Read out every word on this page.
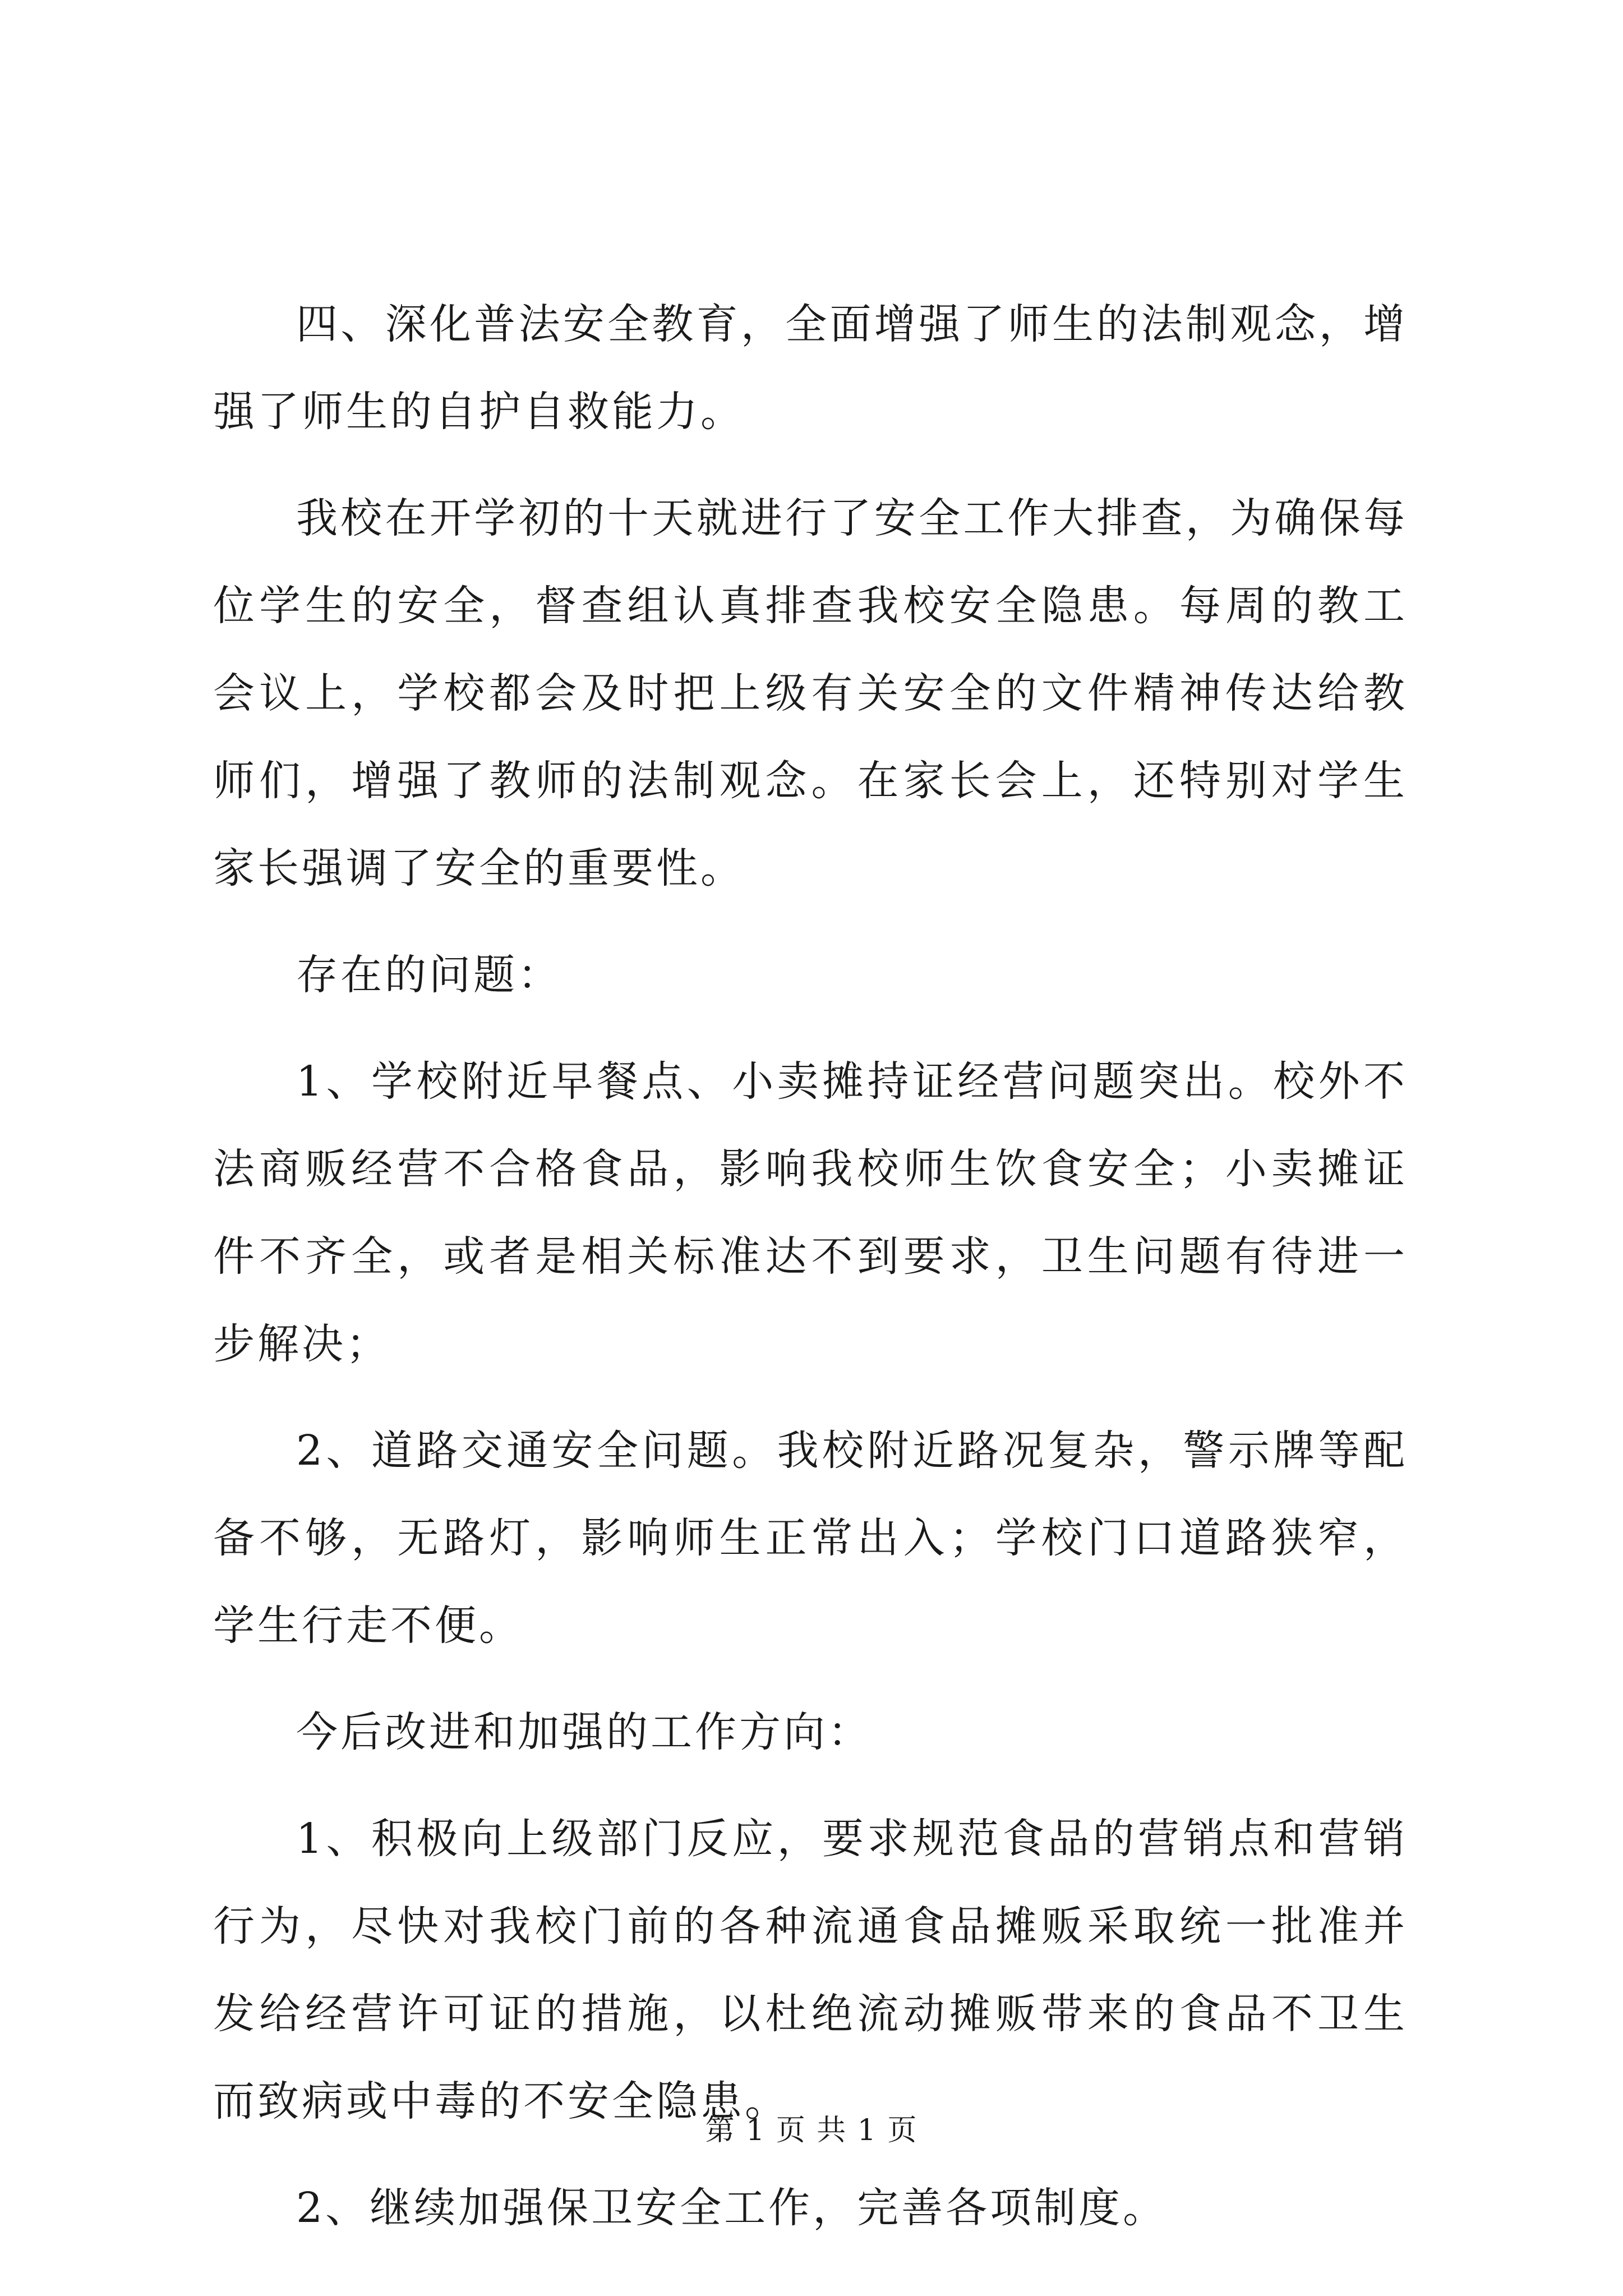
四、深化普法安全教育，全面增强了师生的法制观念，增强了师生的自护自救能力。

我校在开学初的十天就进行了安全工作大排查，为确保每位学生的安全，督查组认真排查我校安全隐患。每周的教工会议上，学校都会及时把上级有关安全的文件精神传达给教师们，增强了教师的法制观念。在家长会上，还特别对学生家长强调了安全的重要性。

存在的问题：

1、学校附近早餐点、小卖摊持证经营问题突出。校外不法商贩经营不合格食品，影响我校师生饮食安全；小卖摊证件不齐全，或者是相关标准达不到要求，卫生问题有待进一步解决；

2、道路交通安全问题。我校附近路况复杂，警示牌等配备不够，无路灯，影响师生正常出入；学校门口道路狭窄，学生行走不便。

今后改进和加强的工作方向：

1、积极向上级部门反应，要求规范食品的营销点和营销行为，尽快对我校门前的各种流通食品摊贩采取统一批准并发给经营许可证的措施，以杜绝流动摊贩带来的食品不卫生而致病或中毒的不安全隐患。

2、继续加强保卫安全工作，完善各项制度。

第 1 页 共 1 页
